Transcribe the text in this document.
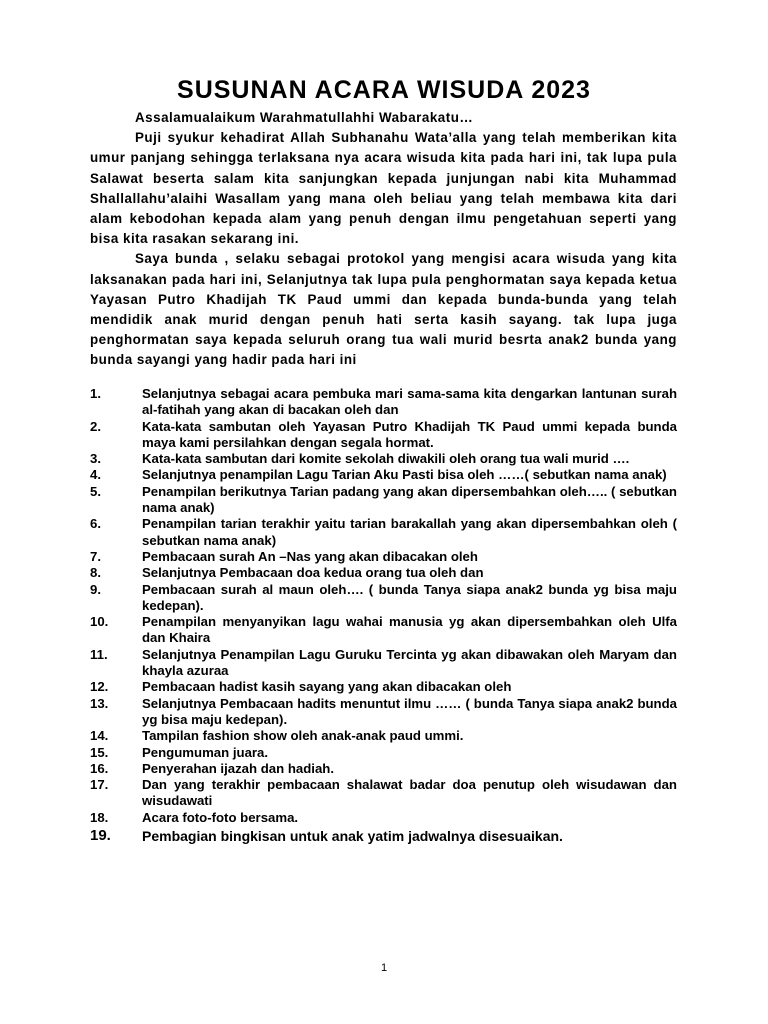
SUSUNAN ACARA WISUDA 2023

Assalamualaikum Warahmatullahhi Wabarakatu…

Puji syukur kehadirat Allah Subhanahu Wata’alla yang telah memberikan kita umur panjang sehingga terlaksana nya acara wisuda kita pada hari ini, tak lupa pula Salawat beserta salam kita sanjungkan kepada junjungan nabi kita Muhammad Shallallahu’alaihi Wasallam yang mana oleh beliau yang telah membawa kita dari alam kebodohan kepada alam yang penuh dengan ilmu pengetahuan seperti yang bisa kita rasakan sekarang ini.

Saya bunda , selaku sebagai protokol yang mengisi acara wisuda yang kita laksanakan pada hari ini, Selanjutnya tak lupa pula penghormatan saya kepada ketua Yayasan Putro Khadijah TK Paud ummi dan kepada bunda-bunda yang telah mendidik anak murid dengan penuh hati serta kasih sayang. tak lupa juga penghormatan saya kepada seluruh orang tua wali murid besrta anak2 bunda yang bunda sayangi yang hadir pada hari ini

1.	Selanjutnya sebagai acara pembuka mari sama-sama kita dengarkan lantunan surah al-fatihah yang akan di bacakan oleh dan
2.	Kata-kata sambutan oleh Yayasan Putro Khadijah TK Paud ummi kepada bunda maya kami persilahkan dengan segala hormat.
3.	Kata-kata sambutan dari komite sekolah diwakili oleh orang tua wali murid ….
4.	Selanjutnya penampilan Lagu Tarian Aku Pasti bisa oleh ……( sebutkan nama anak)
5.	Penampilan berikutnya Tarian padang yang akan dipersembahkan oleh….. ( sebutkan nama anak)
6.	Penampilan tarian terakhir yaitu tarian barakallah yang akan dipersembahkan oleh ( sebutkan nama anak)
7.	Pembacaan surah An –Nas yang akan dibacakan oleh
8.	Selanjutnya Pembacaan doa kedua orang tua oleh dan
9.	Pembacaan surah al maun oleh…. ( bunda Tanya siapa anak2 bunda yg bisa maju kedepan).
10.	Penampilan menyanyikan lagu wahai manusia yg akan dipersembahkan oleh Ulfa dan Khaira
11.	Selanjutnya Penampilan Lagu Guruku Tercinta yg akan dibawakan oleh Maryam dan khayla azuraa
12.	Pembacaan hadist kasih sayang yang akan dibacakan oleh
13.	Selanjutnya Pembacaan hadits menuntut ilmu …… ( bunda Tanya siapa anak2 bunda yg bisa maju kedepan).
14.	Tampilan fashion show oleh anak-anak paud ummi.
15.	Pengumuman juara.
16.	Penyerahan ijazah dan hadiah.
17.	Dan yang terakhir pembacaan shalawat badar doa penutup oleh wisudawan dan wisudawati
18.	Acara foto-foto bersama.
19.	Pembagian bingkisan untuk anak yatim jadwalnya disesuaikan.
1
